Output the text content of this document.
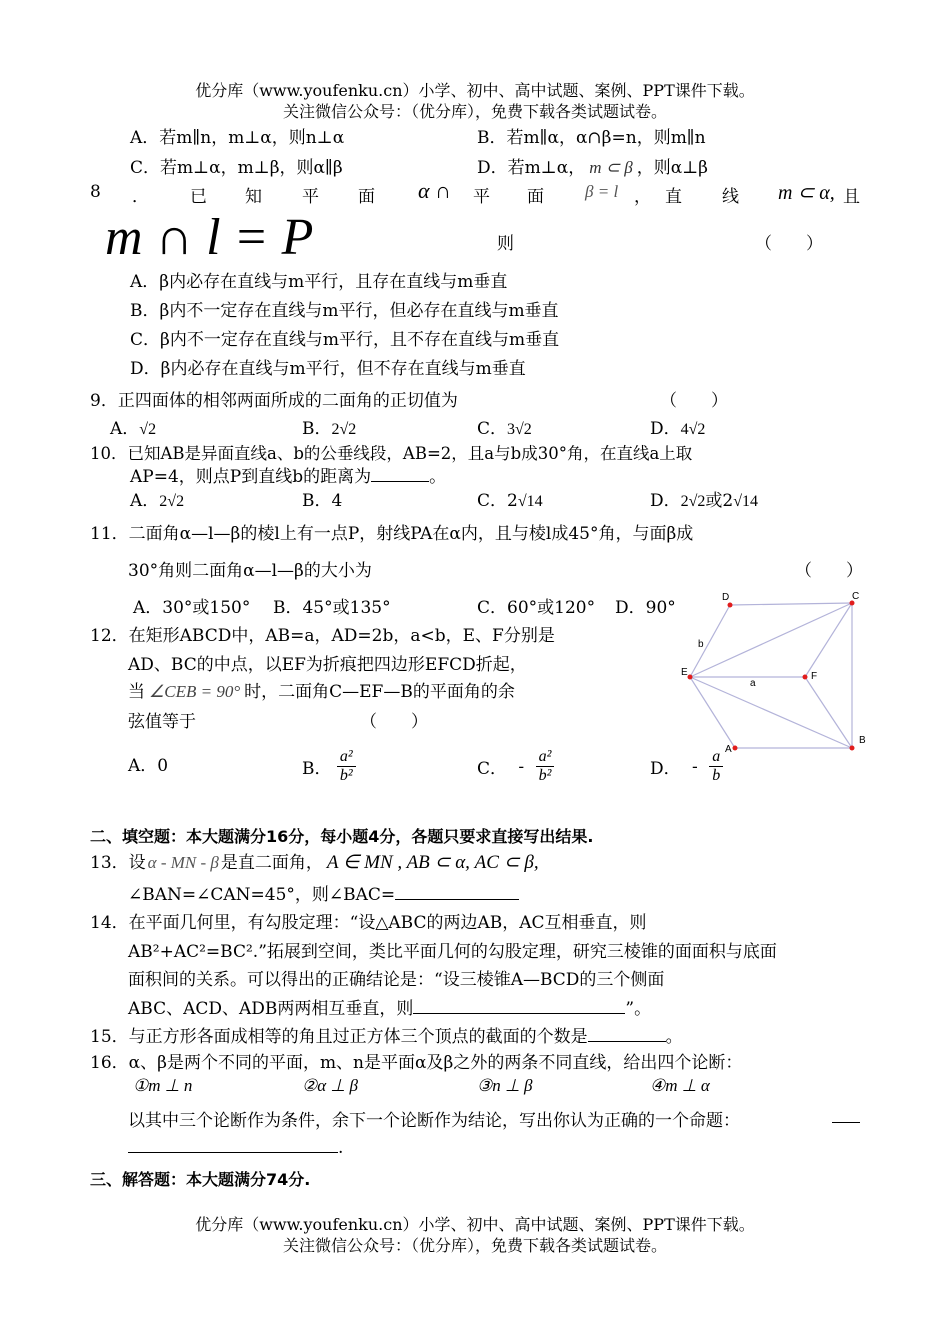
优分库（www.youfenku.cn）小学、初中、高中试题、案例、PPT课件下载。
关注微信公众号：（优分库），免费下载各类试题试卷。
A．若m∥n，m⊥α，则n⊥α	B．若m∥α，α∩β=n，则m∥n
C．若m⊥α，m⊥β，则α∥β	D．若m⊥α， m ⊂ β ，则α⊥β
8 ． 已 知 平 面 α ∩ 平 面 β = l ， 直 线 m ⊂ α, 且
m ∩ l = P	则	（　　）
A．β内必存在直线与m平行，且存在直线与m垂直
B．β内不一定存在直线与m平行，但必存在直线与m垂直
C．β内不一定存在直线与m平行，且不存在直线与m垂直
D．β内必存在直线与m平行，但不存在直线与m垂直
9．正四面体的相邻两面所成的二面角的正切值为	（　　）
A．√2	B．2√2	C．3√2	D．4√2
10．已知AB是异面直线a、b的公垂线段，AB=2，且a与b成30°角，在直线a上取
AP=4，则点P到直线b的距离为	。
A．2√2	B．4	C．2√14	D．2√2或2√14
11．二面角α—l—β的棱l上有一点P，射线PA在α内，且与棱l成45°角，与面β成
30°角则二面角α—l—β的大小为	（　　）
A．30°或150° B．45°或135°	C．60°或120° D．90°
12．在矩形ABCD中，AB=a，AD=2b，a<b，E、F分别是
AD、BC的中点，以EF为折痕把四边形EFCD折起，
当 ∠CEB = 90° 时，二面角C—EF—B的平面角的余
弦值等于	（　　）
A．0	B． $\frac{\text{a²}}{\text{b²}}$	C． - $\frac{\text{a²}}{\text{b²}}$	D． - $\frac{a}{b}$
D	C
E	F
A
B
b
a
二、填空题：本大题满分16分，每小题4分，各题只要求直接写出结果.
13．设 α - MN - β 是直二面角， A ∈ MN , AB ⊂ α, AC ⊂ β,
∠BAN=∠CAN=45°，则∠BAC=
14．在平面几何里，有勾股定理：“设△ABC的两边AB，AC互相垂直，则
AB²+AC²=BC².”拓展到空间，类比平面几何的勾股定理，研究三棱锥的面面积与底面
面积间的关系。可以得出的正确结论是：“设三棱锥A—BCD的三个侧面
ABC、ACD、ADB两两相互垂直，则	”。
15．与正方形各面成相等的角且过正方体三个顶点的截面的个数是	。
16．α、β是两个不同的平面，m、n是平面α及β之外的两条不同直线，给出四个论断：
①m ⊥ n	②α ⊥ β	③n ⊥ β	④m ⊥ α
以其中三个论断作为条件，余下一个论断作为结论，写出你认为正确的一个命题：
.
三、解答题：本大题满分74分.
优分库（www.youfenku.cn）小学、初中、高中试题、案例、PPT课件下载。
关注微信公众号：（优分库），免费下载各类试题试卷。
